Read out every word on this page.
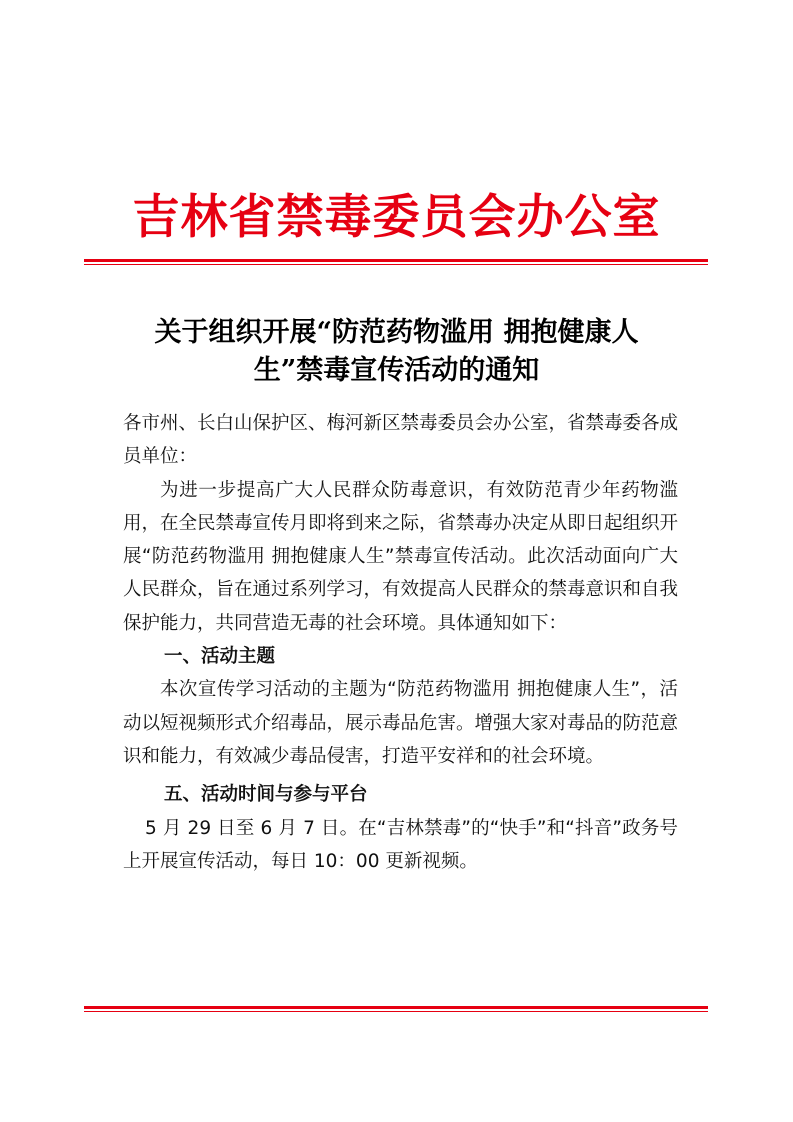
吉林省禁毒委员会办公室
关于组织开展“防范药物滥用 拥抱健康人
生”禁毒宣传活动的通知

各市州、长白山保护区、梅河新区禁毒委员会办公室，省禁毒委各成员单位：

为进一步提高广大人民群众防毒意识，有效防范青少年药物滥用，在全民禁毒宣传月即将到来之际，省禁毒办决定从即日起组织开展“防范药物滥用 拥抱健康人生”禁毒宣传活动。此次活动面向广大人民群众，旨在通过系列学习，有效提高人民群众的禁毒意识和自我保护能力，共同营造无毒的社会环境。具体通知如下：

一、活动主题

本次宣传学习活动的主题为“防范药物滥用 拥抱健康人生”，活动以短视频形式介绍毒品，展示毒品危害。增强大家对毒品的防范意识和能力，有效减少毒品侵害，打造平安祥和的社会环境。

五、活动时间与参与平台

5 月 29 日至 6 月 7 日。在“吉林禁毒”的“快手”和“抖音”政务号上开展宣传活动，每日 10：00 更新视频。
